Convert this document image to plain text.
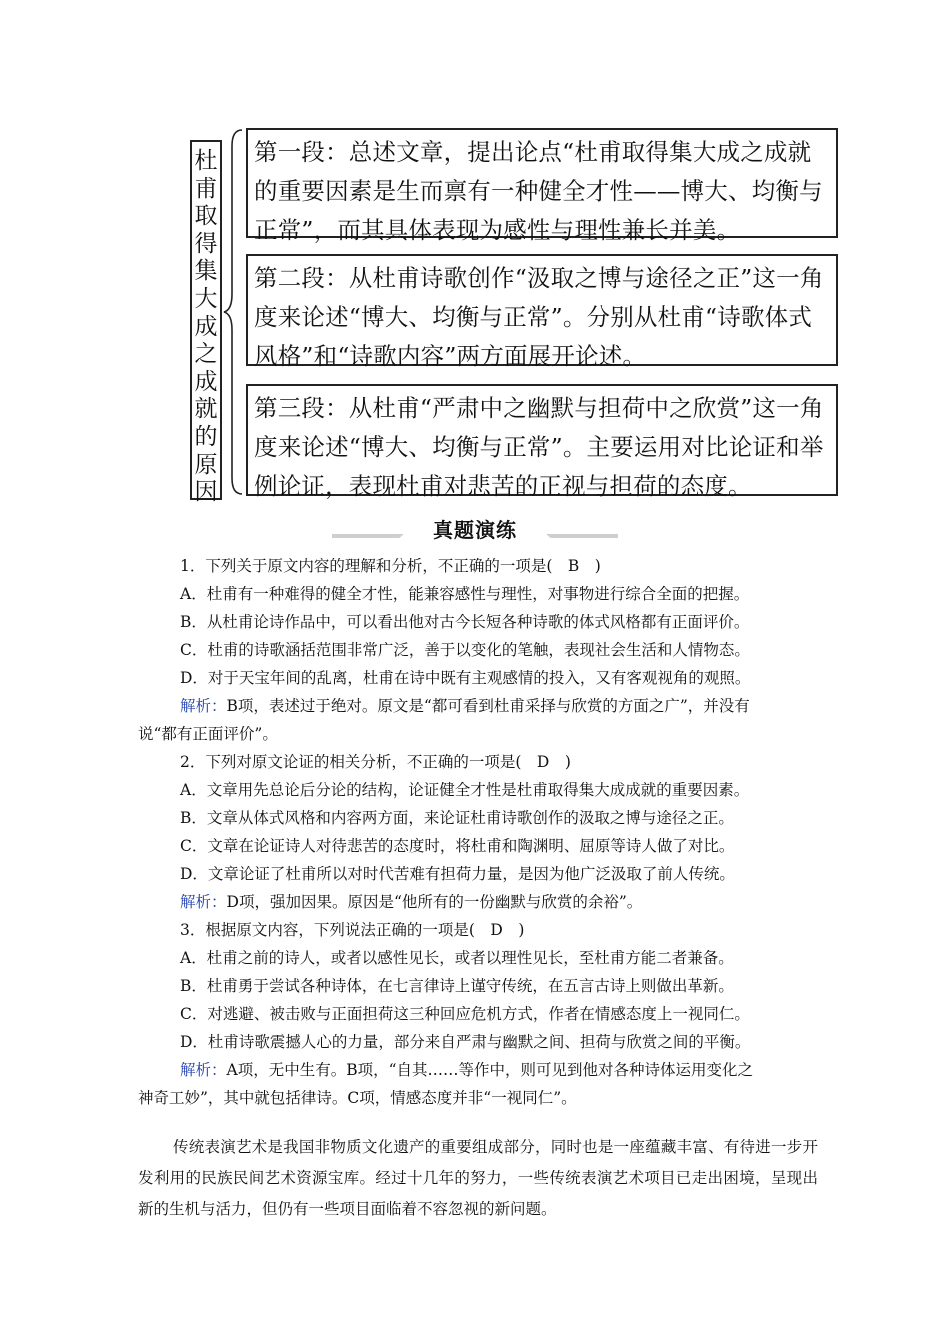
杜甫取得集大成之成就的原因
第一段：总述文章，提出论点“杜甫取得集大成之成就的重要因素是生而禀有一种健全才性——博大、均衡与正常”，而其具体表现为感性与理性兼长并美。
第二段：从杜甫诗歌创作“汲取之博与途径之正”这一角度来论述“博大、均衡与正常”。分别从杜甫“诗歌体式风格”和“诗歌内容”两方面展开论述。
第三段：从杜甫“严肃中之幽默与担荷中之欣赏”这一角度来论述“博大、均衡与正常”。主要运用对比论证和举例论证，表现杜甫对悲苦的正视与担荷的态度。
真题演练
1．下列关于原文内容的理解和分析，不正确的一项是(　B　)
A．杜甫有一种难得的健全才性，能兼容感性与理性，对事物进行综合全面的把握。
B．从杜甫论诗作品中，可以看出他对古今长短各种诗歌的体式风格都有正面评价。
C．杜甫的诗歌涵括范围非常广泛，善于以变化的笔触，表现社会生活和人情物态。
D．对于天宝年间的乱离，杜甫在诗中既有主观感情的投入，又有客观视角的观照。
解析：B项，表述过于绝对。原文是“都可看到杜甫采择与欣赏的方面之广”，并没有
说“都有正面评价”。
2．下列对原文论证的相关分析，不正确的一项是(　D　)
A．文章用先总论后分论的结构，论证健全才性是杜甫取得集大成成就的重要因素。
B．文章从体式风格和内容两方面，来论证杜甫诗歌创作的汲取之博与途径之正。
C．文章在论证诗人对待悲苦的态度时，将杜甫和陶渊明、屈原等诗人做了对比。
D．文章论证了杜甫所以对时代苦难有担荷力量，是因为他广泛汲取了前人传统。
解析：D项，强加因果。原因是“他所有的一份幽默与欣赏的余裕”。
3．根据原文内容，下列说法正确的一项是(　D　)
A．杜甫之前的诗人，或者以感性见长，或者以理性见长，至杜甫方能二者兼备。
B．杜甫勇于尝试各种诗体，在七言律诗上谨守传统，在五言古诗上则做出革新。
C．对逃避、被击败与正面担荷这三种回应危机方式，作者在情感态度上一视同仁。
D．杜甫诗歌震撼人心的力量，部分来自严肃与幽默之间、担荷与欣赏之间的平衡。
解析：A项，无中生有。B项，“自其……等作中，则可见到他对各种诗体运用变化之
神奇工妙”，其中就包括律诗。C项，情感态度并非“一视同仁”。

传统表演艺术是我国非物质文化遗产的重要组成部分，同时也是一座蕴藏丰富、有待进一步开发利用的民族民间艺术资源宝库。经过十几年的努力，一些传统表演艺术项目已走出困境，呈现出新的生机与活力，但仍有一些项目面临着不容忽视的新问题。
